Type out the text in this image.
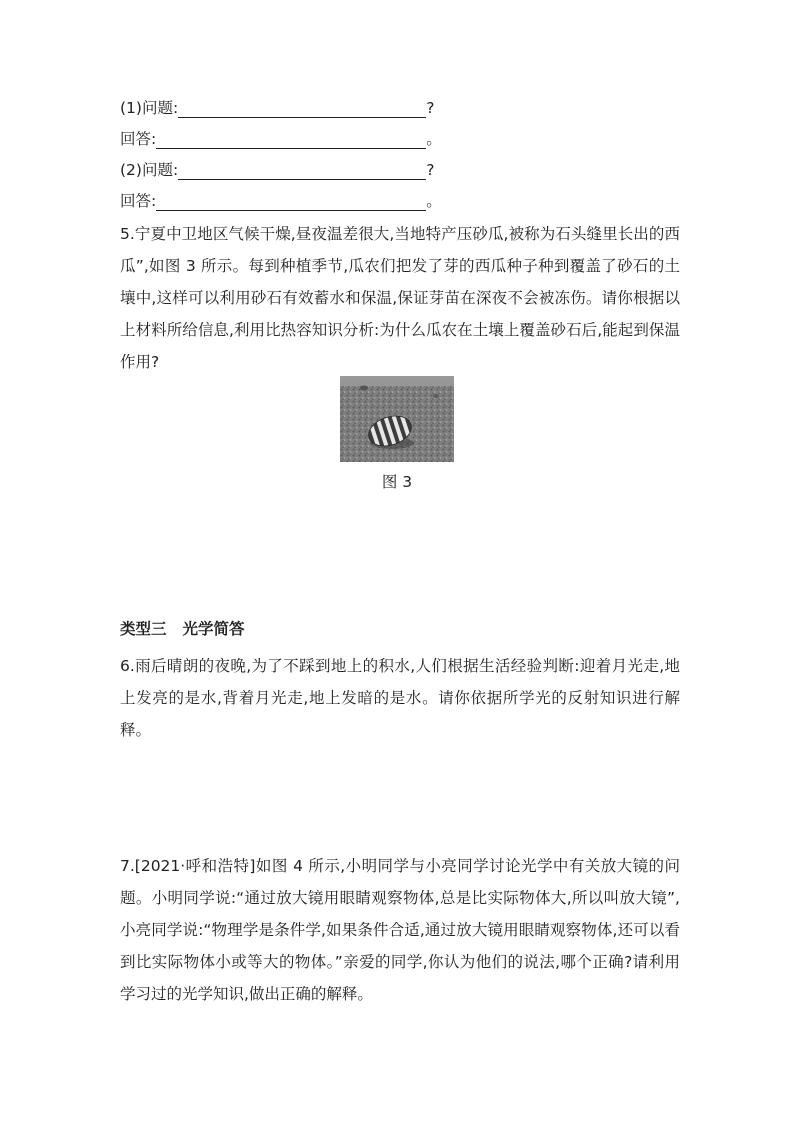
(1)问题:	?
回答:	。
(2)问题:	?
回答:	。
5.宁夏中卫地区气候干燥,昼夜温差很大,当地特产压砂瓜,被称为石头缝里长出的西瓜”,如图 3 所示。每到种植季节,瓜农们把发了芽的西瓜种子种到覆盖了砂石的土壤中,这样可以利用砂石有效蓄水和保温,保证芽苗在深夜不会被冻伤。请你根据以上材料所给信息,利用比热容知识分析:为什么瓜农在土壤上覆盖砂石后,能起到保温作用?
图 3
类型三 光学简答
6.雨后晴朗的夜晚,为了不踩到地上的积水,人们根据生活经验判断:迎着月光走,地上发亮的是水,背着月光走,地上发暗的是水。请你依据所学光的反射知识进行解释。
7.[2021·呼和浩特]如图 4 所示,小明同学与小亮同学讨论光学中有关放大镜的问题。小明同学说:“通过放大镜用眼睛观察物体,总是比实际物体大,所以叫放大镜”,小亮同学说:“物理学是条件学,如果条件合适,通过放大镜用眼睛观察物体,还可以看到比实际物体小或等大的物体。”亲爱的同学,你认为他们的说法,哪个正确?请利用学习过的光学知识,做出正确的解释。
